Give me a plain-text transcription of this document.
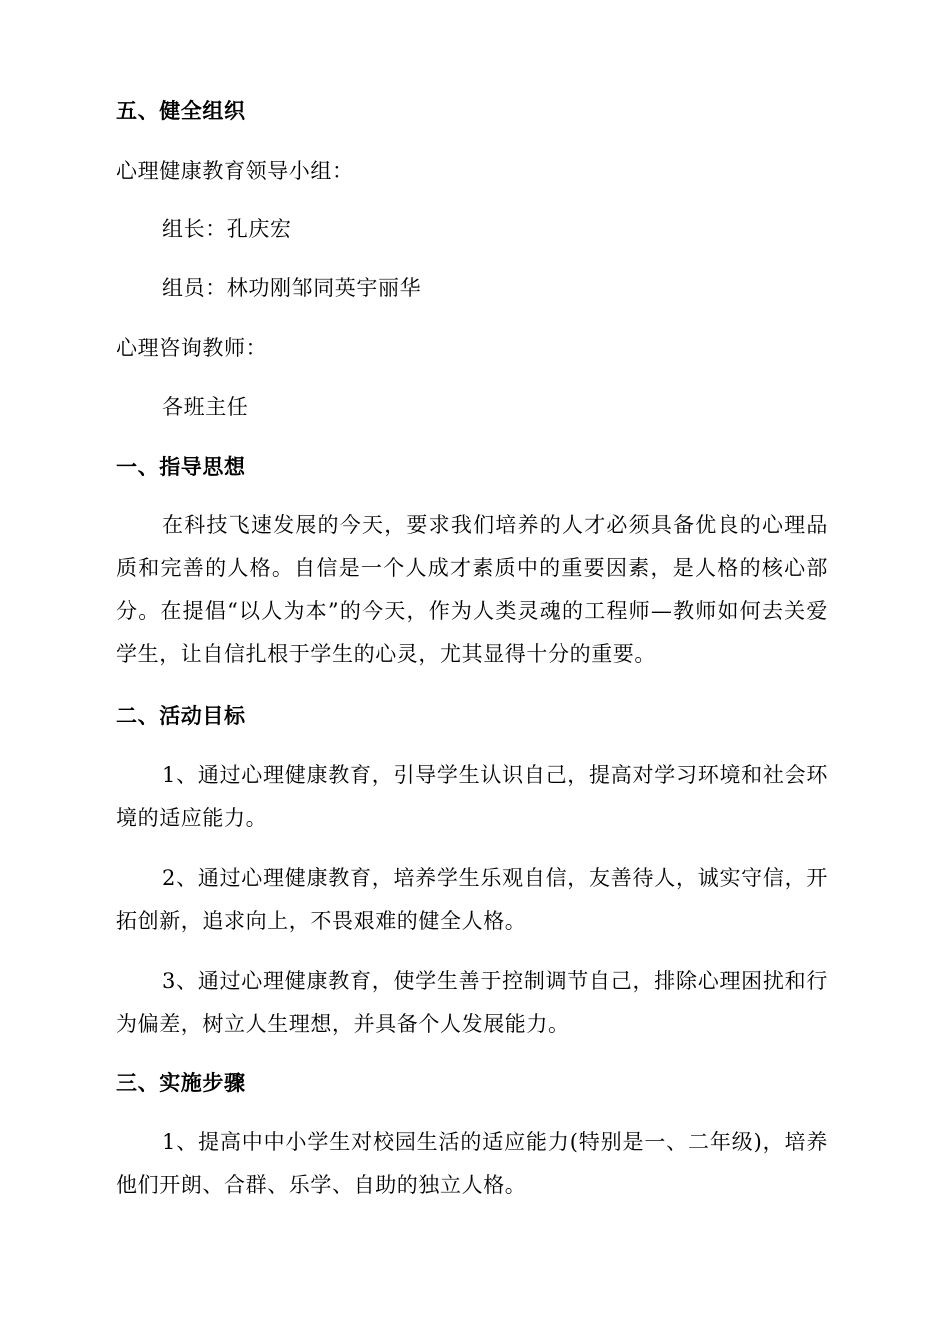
五、健全组织
心理健康教育领导小组：
组长：孔庆宏
组员：林功刚邹同英宇丽华
心理咨询教师：
各班主任
一、指导思想

在科技飞速发展的今天，要求我们培养的人才必须具备优良的心理品质和完善的人格。自信是一个人成才素质中的重要因素，是人格的核心部分。在提倡“以人为本”的今天，作为人类灵魂的工程师—教师如何去关爱学生，让自信扎根于学生的心灵，尤其显得十分的重要。

二、活动目标

1、通过心理健康教育，引导学生认识自己，提高对学习环境和社会环境的适应能力。

2、通过心理健康教育，培养学生乐观自信，友善待人，诚实守信，开拓创新，追求向上，不畏艰难的健全人格。

3、通过心理健康教育，使学生善于控制调节自己，排除心理困扰和行为偏差，树立人生理想，并具备个人发展能力。

三、实施步骤

1、提高中中小学生对校园生活的适应能力(特别是一、二年级)，培养他们开朗、合群、乐学、自助的独立人格。
